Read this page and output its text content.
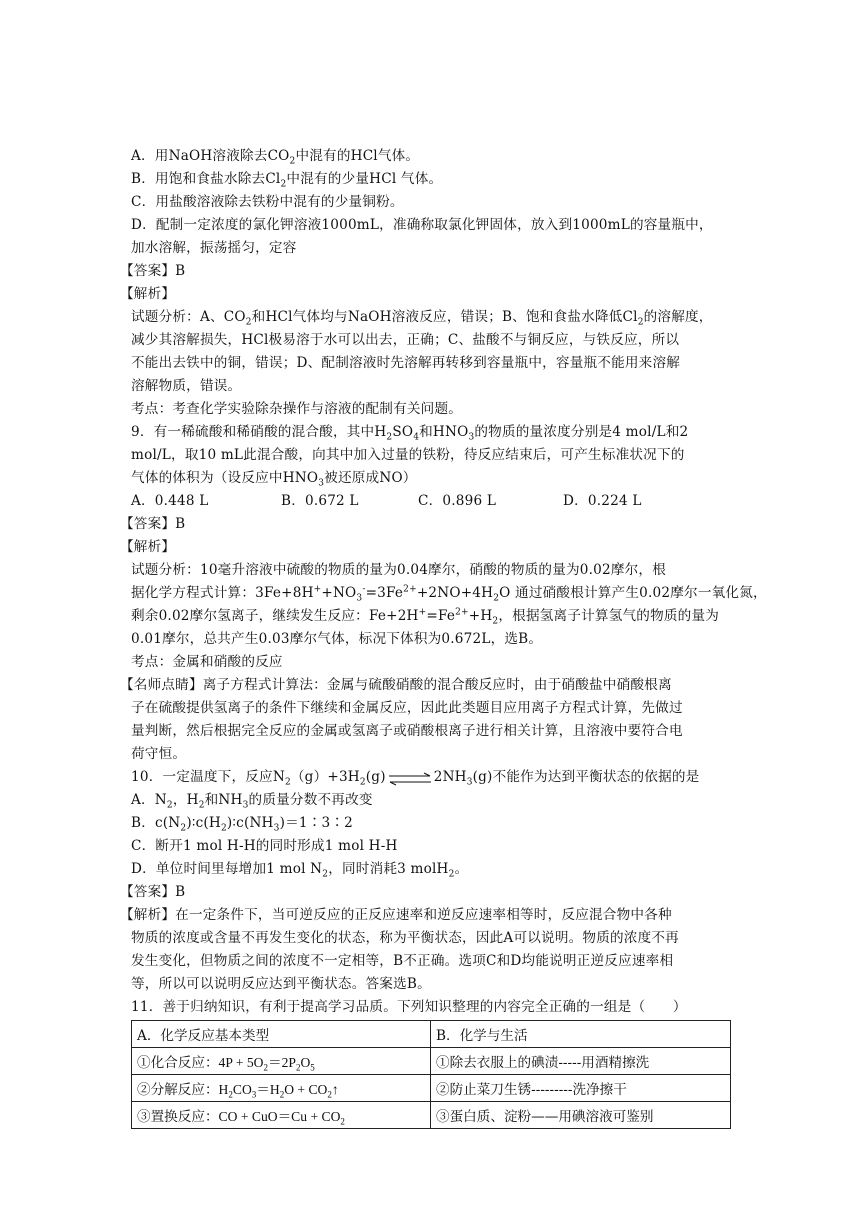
A．用NaOH溶液除去$CO_2$中混有的HCl气体。
B．用饱和食盐水除去$Cl_2$中混有的少量HCl 气体。
C．用盐酸溶液除去铁粉中混有的少量铜粉。
D．配制一定浓度的氯化钾溶液1000mL，准确称取氯化钾固体，放入到1000mL的容量瓶中，
加水溶解，振荡摇匀，定容
【答案】B
【解析】
试题分析：A、$CO_2$和HCl气体均与NaOH溶液反应，错误；B、饱和食盐水降低$Cl_2$的溶解度，
减少其溶解损失，HCl极易溶于水可以出去，正确；C、盐酸不与铜反应，与铁反应，所以
不能出去铁中的铜，错误；D、配制溶液时先溶解再转移到容量瓶中，容量瓶不能用来溶解
溶解物质，错误。
考点：考查化学实验除杂操作与溶液的配制有关问题。
9．有一稀硫酸和稀硝酸的混合酸，其中$H_2SO_4$和$HNO_3$的物质的量浓度分别是4 mol/L和2
mol/L，取10 mL此混合酸，向其中加入过量的铁粉，待反应结束后，可产生标准状况下的
气体的体积为（设反应中$HNO_3$被还原成NO）
A．0.448 L	B．0.672 L	C．0.896 L	D．0.224 L
【答案】B
【解析】
试题分析：10毫升溶液中硫酸的物质的量为0.04摩尔，硝酸的物质的量为0.02摩尔，根
据化学方程式计算：$3Fe+8H^++NO_3^-=3Fe^{2+}+2NO+4H_2O$ 通过硝酸根计算产生0.02摩尔一氧化氮，
剩余0.02摩尔氢离子，继续发生反应：$Fe+2H^+=Fe^{2+}+H_2$，根据氢离子计算氢气的物质的量为
0.01摩尔，总共产生0.03摩尔气体，标况下体积为0.672L，选B。
考点：金属和硝酸的反应
【名师点睛】离子方程式计算法：金属与硫酸硝酸的混合酸反应时，由于硝酸盐中硝酸根离
子在硫酸提供氢离子的条件下继续和金属反应，因此此类题目应用离子方程式计算，先做过
量判断，然后根据完全反应的金属或氢离子或硝酸根离子进行相关计算，且溶液中要符合电
荷守恒。
10．一定温度下，反应$N_2(g)+3H_2(g)$ ⇌ $2NH_3(g)$不能作为达到平衡状态的依据的是
A．$N_2$，$H_2$和$NH_3$的质量分数不再改变
B．$c(N_2)∶c(H_2)∶c(NH_3)=1∶3∶2$
C．断开1 mol H-H的同时形成1 mol H-H
D．单位时间里每增加1 mol $N_2$，同时消耗3 molH$_2$。
【答案】B
【解析】在一定条件下，当可逆反应的正反应速率和逆反应速率相等时，反应混合物中各种
物质的浓度或含量不再发生变化的状态，称为平衡状态，因此A可以说明。物质的浓度不再
发生变化，但物质之间的浓度不一定相等，B不正确。选项C和D均能说明正逆反应速率相
等，所以可以说明反应达到平衡状态。答案选B。
11．善于归纳知识，有利于提高学习品质。下列知识整理的内容完全正确的一组是（　　）
A．化学反应基本类型	B．化学与生活
①化合反应：$4P + 5O_2=2P_2O_5$	①除去衣服上的碘渍-----用酒精擦洗
②分解反应：$H_2CO_3=H_2O$ + $CO_2↑$	②防止菜刀生锈---------洗净擦干
③置换反应：CO + $CuO=Cu + CO_2$	③蛋白质、淀粉——用碘溶液可鉴别
